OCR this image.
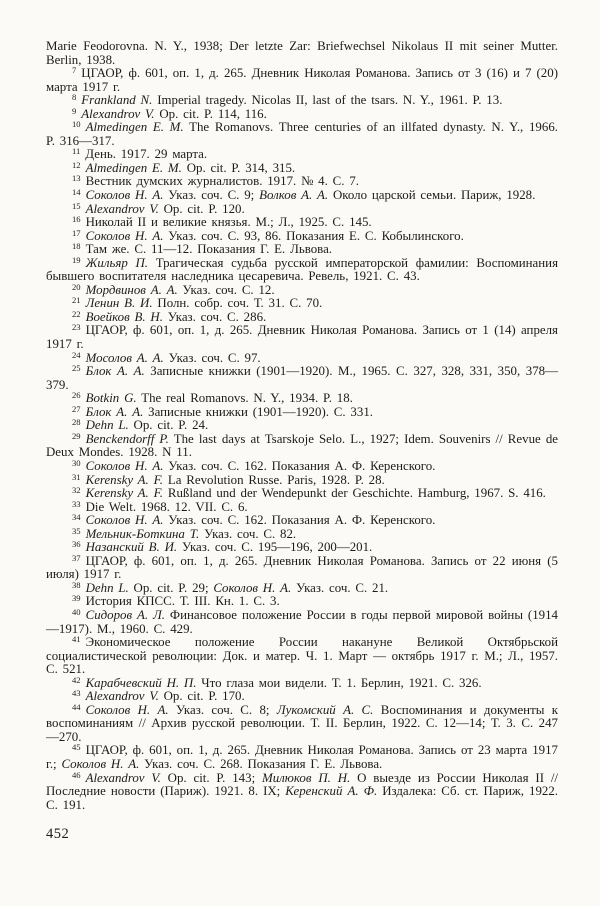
Marie Feodorovna. N. Y., 1938; Der letzte Zar: Briefwechsel Nikolaus II mit seiner Mutter. Berlin, 1938.

$^7$ ЦГАОР, ф. 601, оп. 1, д. 265. Дневник Николая Романова. Запись от 3 (16) и 7 (20) марта 1917 г.

$^8$ Frankland N. Imperial tragedy. Nicolas II, last of the tsars. N. Y., 1961. P. 13.

$^9$ Alexandrov V. Op. cit. P. 114, 116.

$^{10}$ Almedingen E. M. The Romanovs. Three centuries of an illfated dynasty. N. Y., 1966. P. 316—317.

$^{11}$ День. 1917. 29 марта.

$^{12}$ Almedingen E. M. Op. cit. P. 314, 315.

$^{13}$ Вестник думских журналистов. 1917. № 4. С. 7.

$^{14}$ Соколов Н. А. Указ. соч. С. 9; Волков А. А. Около царской семьи. Париж, 1928.

$^{15}$ Alexandrov V. Op. cit. P. 120.

$^{16}$ Николай II и великие князья. М.; Л., 1925. С. 145.

$^{17}$ Соколов Н. А. Указ. соч. С. 93, 86. Показания Е. С. Кобылинского.

$^{18}$ Там же. С. 11—12. Показания Г. Е. Львова.

$^{19}$ Жильяр П. Трагическая судьба русской императорской фамилии: Воспоминания бывшего воспитателя наследника цесаревича. Ревель, 1921. С. 43.

$^{20}$ Мордвинов А. А. Указ. соч. С. 12.

$^{21}$ Ленин В. И. Полн. собр. соч. Т. 31. С. 70.

$^{22}$ Воейков В. Н. Указ. соч. С. 286.

$^{23}$ ЦГАОР, ф. 601, оп. 1, д. 265. Дневник Николая Романова. Запись от 1 (14) апреля 1917 г.

$^{24}$ Мосолов А. А. Указ. соч. С. 97.

$^{25}$ Блок А. А. Записные книжки (1901—1920). М., 1965. С. 327, 328, 331, 350, 378—379.

$^{26}$ Botkin G. The real Romanovs. N. Y., 1934. P. 18.

$^{27}$ Блок А. А. Записные книжки (1901—1920). С. 331.

$^{28}$ Dehn L. Op. cit. P. 24.

$^{29}$ Benckendorff P. The last days at Tsarskoje Selo. L., 1927; Idem. Souvenirs // Revue de Deux Mondes. 1928. N 11.

$^{30}$ Соколов Н. А. Указ. соч. С. 162. Показания А. Ф. Керенского.

$^{31}$ Kerensky A. F. La Revolution Russe. Paris, 1928. P. 28.

$^{32}$ Kerensky A. F. Rußland und der Wendepunkt der Geschichte. Hamburg, 1967. S. 416.

$^{33}$ Die Welt. 1968. 12. VII. С. 6.

$^{34}$ Соколов Н. А. Указ. соч. С. 162. Показания А. Ф. Керенского.

$^{35}$ Мельник-Боткина Т. Указ. соч. С. 82.

$^{36}$ Назанский В. И. Указ. соч. С. 195—196, 200—201.

$^{37}$ ЦГАОР, ф. 601, оп. 1, д. 265. Дневник Николая Романова. Запись от 22 июня (5 июля) 1917 г.

$^{38}$ Dehn L. Op. cit. P. 29; Соколов Н. А. Указ. соч. С. 21.

$^{39}$ История КПСС. Т. III. Кн. 1. С. 3.

$^{40}$ Сидоров А. Л. Финансовое положение России в годы первой мировой войны (1914—1917). М., 1960. С. 429.

$^{41}$ Экономическое положение России накануне Великой Октябрьской социалистической революции: Док. и матер. Ч. 1. Март — октябрь 1917 г. М.; Л., 1957. С. 521.

$^{42}$ Карабчевский Н. П. Что глаза мои видели. Т. 1. Берлин, 1921. С. 326.

$^{43}$ Alexandrov V. Op. cit. P. 170.

$^{44}$ Соколов Н. А. Указ. соч. С. 8; Лукомский А. С. Воспоминания и документы к воспоминаниям // Архив русской революции. Т. II. Берлин, 1922. С. 12—14; Т. 3. С. 247—270.

$^{45}$ ЦГАОР, ф. 601, оп. 1, д. 265. Дневник Николая Романова. Запись от 23 марта 1917 г.; Соколов Н. А. Указ. соч. С. 268. Показания Г. Е. Львова.

$^{46}$ Alexandrov V. Op. cit. P. 143; Милюков П. Н. О выезде из России Николая II // Последние новости (Париж). 1921. 8. IX; Керенский А. Ф. Издалека: Сб. ст. Париж, 1922. С. 191.

452
